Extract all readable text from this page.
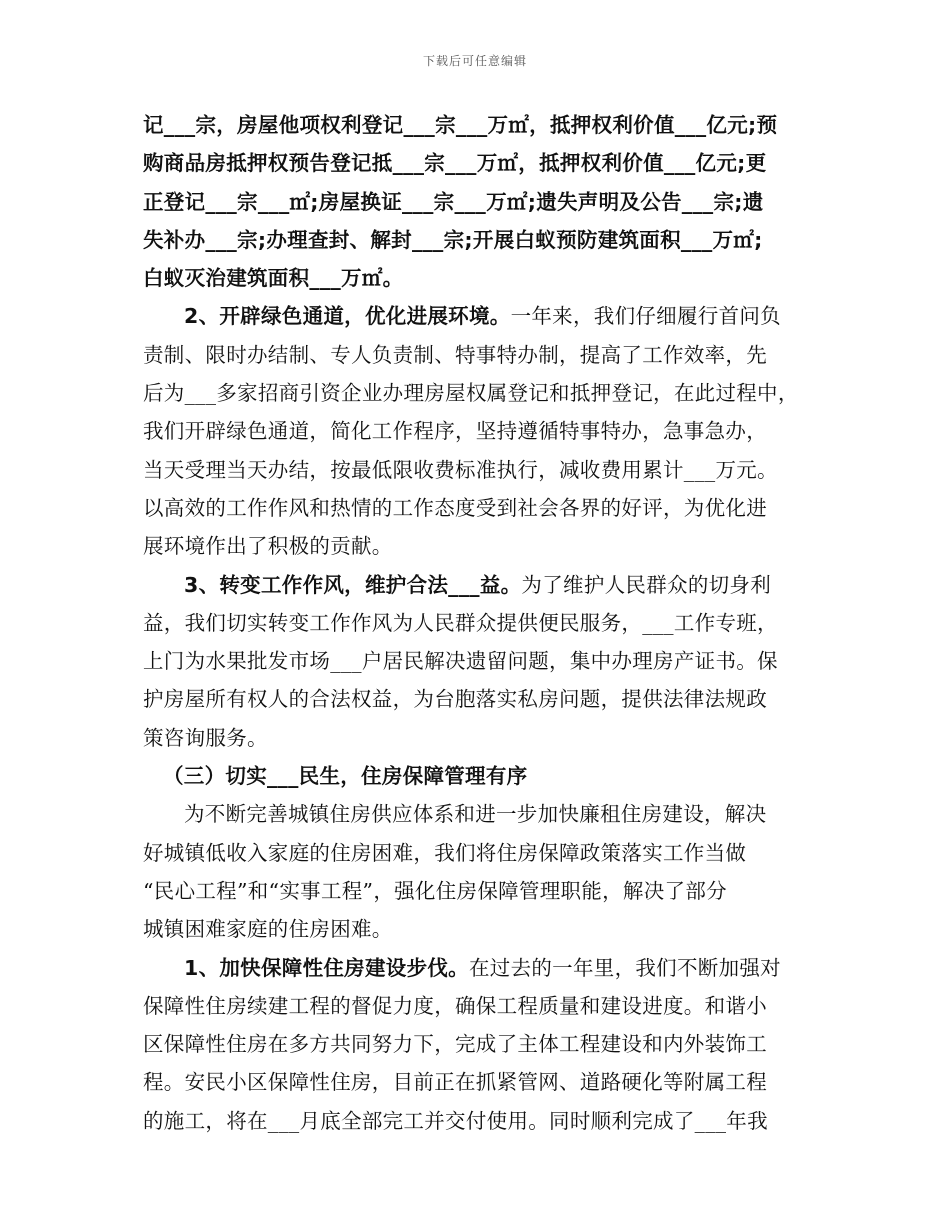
下载后可任意编辑
记___宗，房屋他项权利登记___宗___万㎡，抵押权利价值___亿元;预
购商品房抵押权预告登记抵___宗___万㎡，抵押权利价值___亿元;更
正登记___宗___㎡;房屋换证___宗___万㎡;遗失声明及公告___宗;遗
失补办___宗;办理查封、解封___宗;开展白蚁预防建筑面积___万㎡;
白蚁灭治建筑面积___万㎡。
2、开辟绿色通道，优化进展环境。一年来，我们仔细履行首问负
责制、限时办结制、专人负责制、特事特办制，提高了工作效率，先
后为___多家招商引资企业办理房屋权属登记和抵押登记，在此过程中，
我们开辟绿色通道，简化工作程序，坚持遵循特事特办，急事急办，
当天受理当天办结，按最低限收费标准执行，减收费用累计___万元。
以高效的工作作风和热情的工作态度受到社会各界的好评，为优化进
展环境作出了积极的贡献。
3、转变工作作风，维护合法___益。为了维护人民群众的切身利
益，我们切实转变工作作风为人民群众提供便民服务，___工作专班，
上门为水果批发市场___户居民解决遗留问题，集中办理房产证书。保
护房屋所有权人的合法权益，为台胞落实私房问题，提供法律法规政
策咨询服务。
（三）切实___民生，住房保障管理有序
为不断完善城镇住房供应体系和进一步加快廉租住房建设，解决
好城镇低收入家庭的住房困难，我们将住房保障政策落实工作当做
“民心工程”和“实事工程”，强化住房保障管理职能，解决了部分
城镇困难家庭的住房困难。
1、加快保障性住房建设步伐。在过去的一年里，我们不断加强对
保障性住房续建工程的督促力度，确保工程质量和建设进度。和谐小
区保障性住房在多方共同努力下，完成了主体工程建设和内外装饰工
程。安民小区保障性住房，目前正在抓紧管网、道路硬化等附属工程
的施工，将在___月底全部完工并交付使用。同时顺利完成了___年我
